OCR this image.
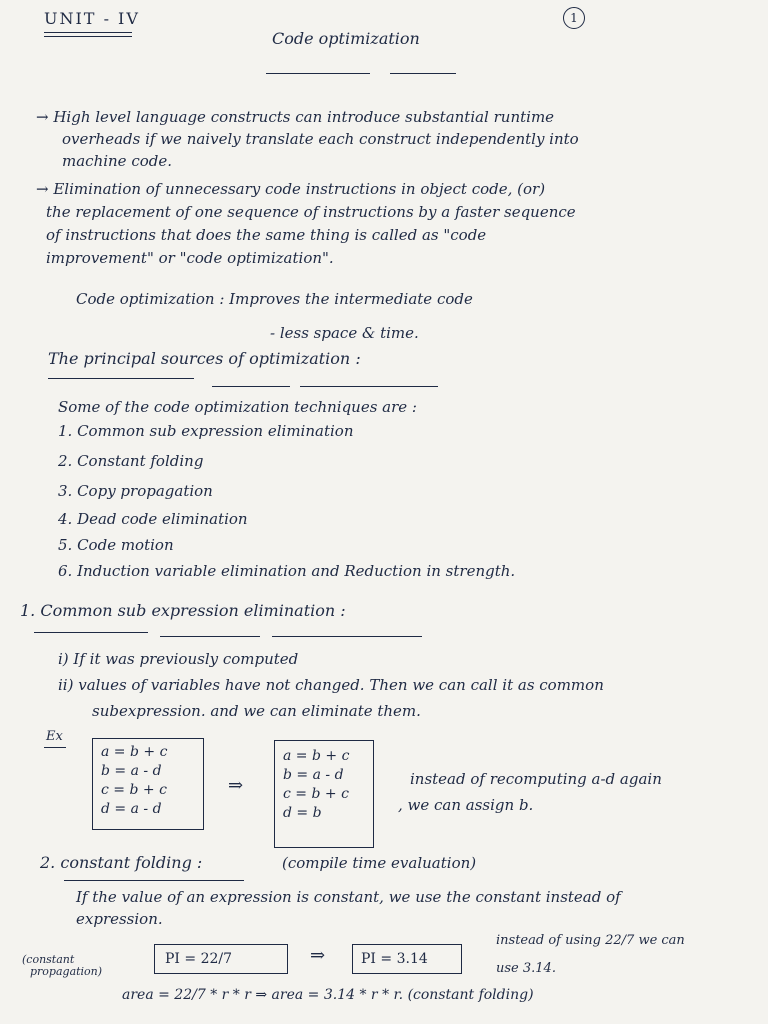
UNIT - IV	1
Code optimization
→ High level language constructs can introduce substantial runtime
overheads if we naively translate each construct independently into
machine code.
→ Elimination of unnecessary code instructions in object code, (or)
the replacement of one sequence of instructions by a faster sequence
of instructions that does the same thing is called as "code
improvement" or "code optimization".
Code optimization : Improves the intermediate code
- less space & time.
The principal sources of optimization :
Some of the code optimization techniques are :
1. Common sub expression elimination
2. Constant folding
3. Copy propagation
4. Dead code elimination
5. Code motion
6. Induction variable elimination and Reduction in strength.
1. Common sub expression elimination :
i) If it was previously computed
ii) values of variables have not changed. Then we can call it as common
subexpression. and we can eliminate them.
Ex
a = b + c
b = a - d
c = b + c
d = a - d
⇒
a = b + c
b = a - d
c = b + c
d = b
instead of recomputing a-d again
, we can assign b.
2. constant folding :	(compile time evaluation)
If the value of an expression is constant, we use the constant instead of
expression.
(constant
propagation)
PI = 22/7	⇒	PI = 3.14
instead of using 22/7 we can
use 3.14.
area = 22/7 * r * r ⇒ area = 3.14 * r * r. (constant folding)
